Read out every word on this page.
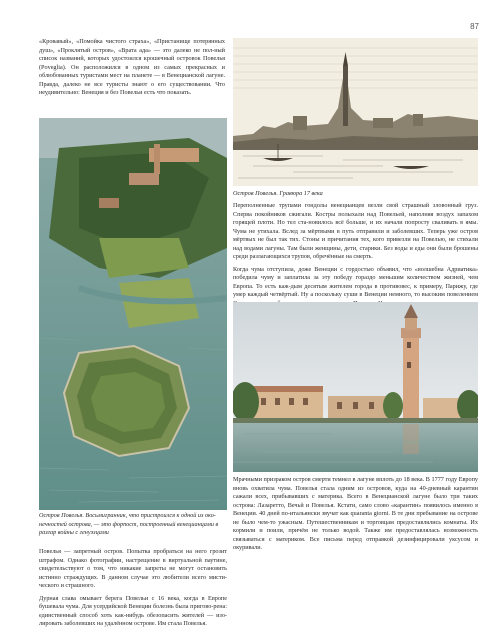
87

«Кровавый», «Помойка чистого страха», «Пристанище потерянных душ», «Проклятый остров», «Врата ада» — это далеко не пол-ный список названий, которых удостоился крошечный островок Повелья (Poveglia). Он расположился в одном из самых прекрасных и облюбованных туристами мест на планете — в Венецианской лагуне. Правда, далеко не все туристы знают о его существовании. Что неудивительно: Венеция и без Повельи есть что показать.

Остров Повелья. Гравюра 17 века

Переполненные трупами гондолы венецианцев везли свой страшный зловонный груз. Сперва покойников сжигали. Костры полыхали над Повельей, наполняя воздух запахом горящей плоти. Но тел ста-новилось всё больше, и их начали попросту сваливать в ямы. Чума не утихала. Вслед за мёртвыми в путь отправили и заболевших. Теперь уже остров мёртвых не был так тих. Стоны и причитания тех, кого привезли на Повелью, не стихали над водами лагуны. Там были женщины, дети, старики. Без воды и еды они были брошены среди разлагающихся трупов, обречённые на смерть.

Когда чума отступила, доже Венеции с гордостью объявил, что «волшебна Адриатика» победила чуму и заплатила за эту победу гораздо меньшим количеством жизней, чем Европа. То есть каж-дым десятым жителем города в противовес, к примеру, Парижу, где умер каждый четвёртый. Ну а поскольку суши в Венеции немного, то высоким повелением

Остров Повелья. Восьмигранник, что пристроился к одной из око-нечностей острова, — это форпост, построенный венецианцами в разгар войны с генуэзцами

Повелья — запретный остров. Попытка пробраться на него грозит штрафом. Однако фотографии, настрещение в виртуальной паутине, свидетельствуют о том, что никакие запреты не могут остановить истинно страждущих. В данном случае это любители всего мисти-ческого и страшного.

Дурная слава омывает берега Повельи с 16 века, когда в Европе бушевала чума. Для усердийской Венеции болезнь была пригово-рена: единственный способ хоть как-нибудь обезопасить жителей — изо-лировать заболевших на удалённом острове. Им стала Повелья.

Мрачными призраком остров смерти темнел в лагуне вплоть до 18 века. В 1777 году Европу вновь охватила чума. Повелья стала одним из островов, куда на 40-дневный карантин сажали всех, прибывавших с материка. Всего в Венецианской лагуне было три таких острова: Лазаретто, Вечьй и Повелья. Кстати, само слово «карантин» появилось именно в Венеции. 40 дней по-итальянски звучат как quaranta giorni. В те дни пребывание на острове не было чем-то ужасным. Путешественникам и торговцам предоставлялись комнаты. Их кормили и поили, причём не только водой. Также им предоставлялась возможность связываться с материком. Все письма перед отправкой дезинфицировали уксусом и окуривали.
